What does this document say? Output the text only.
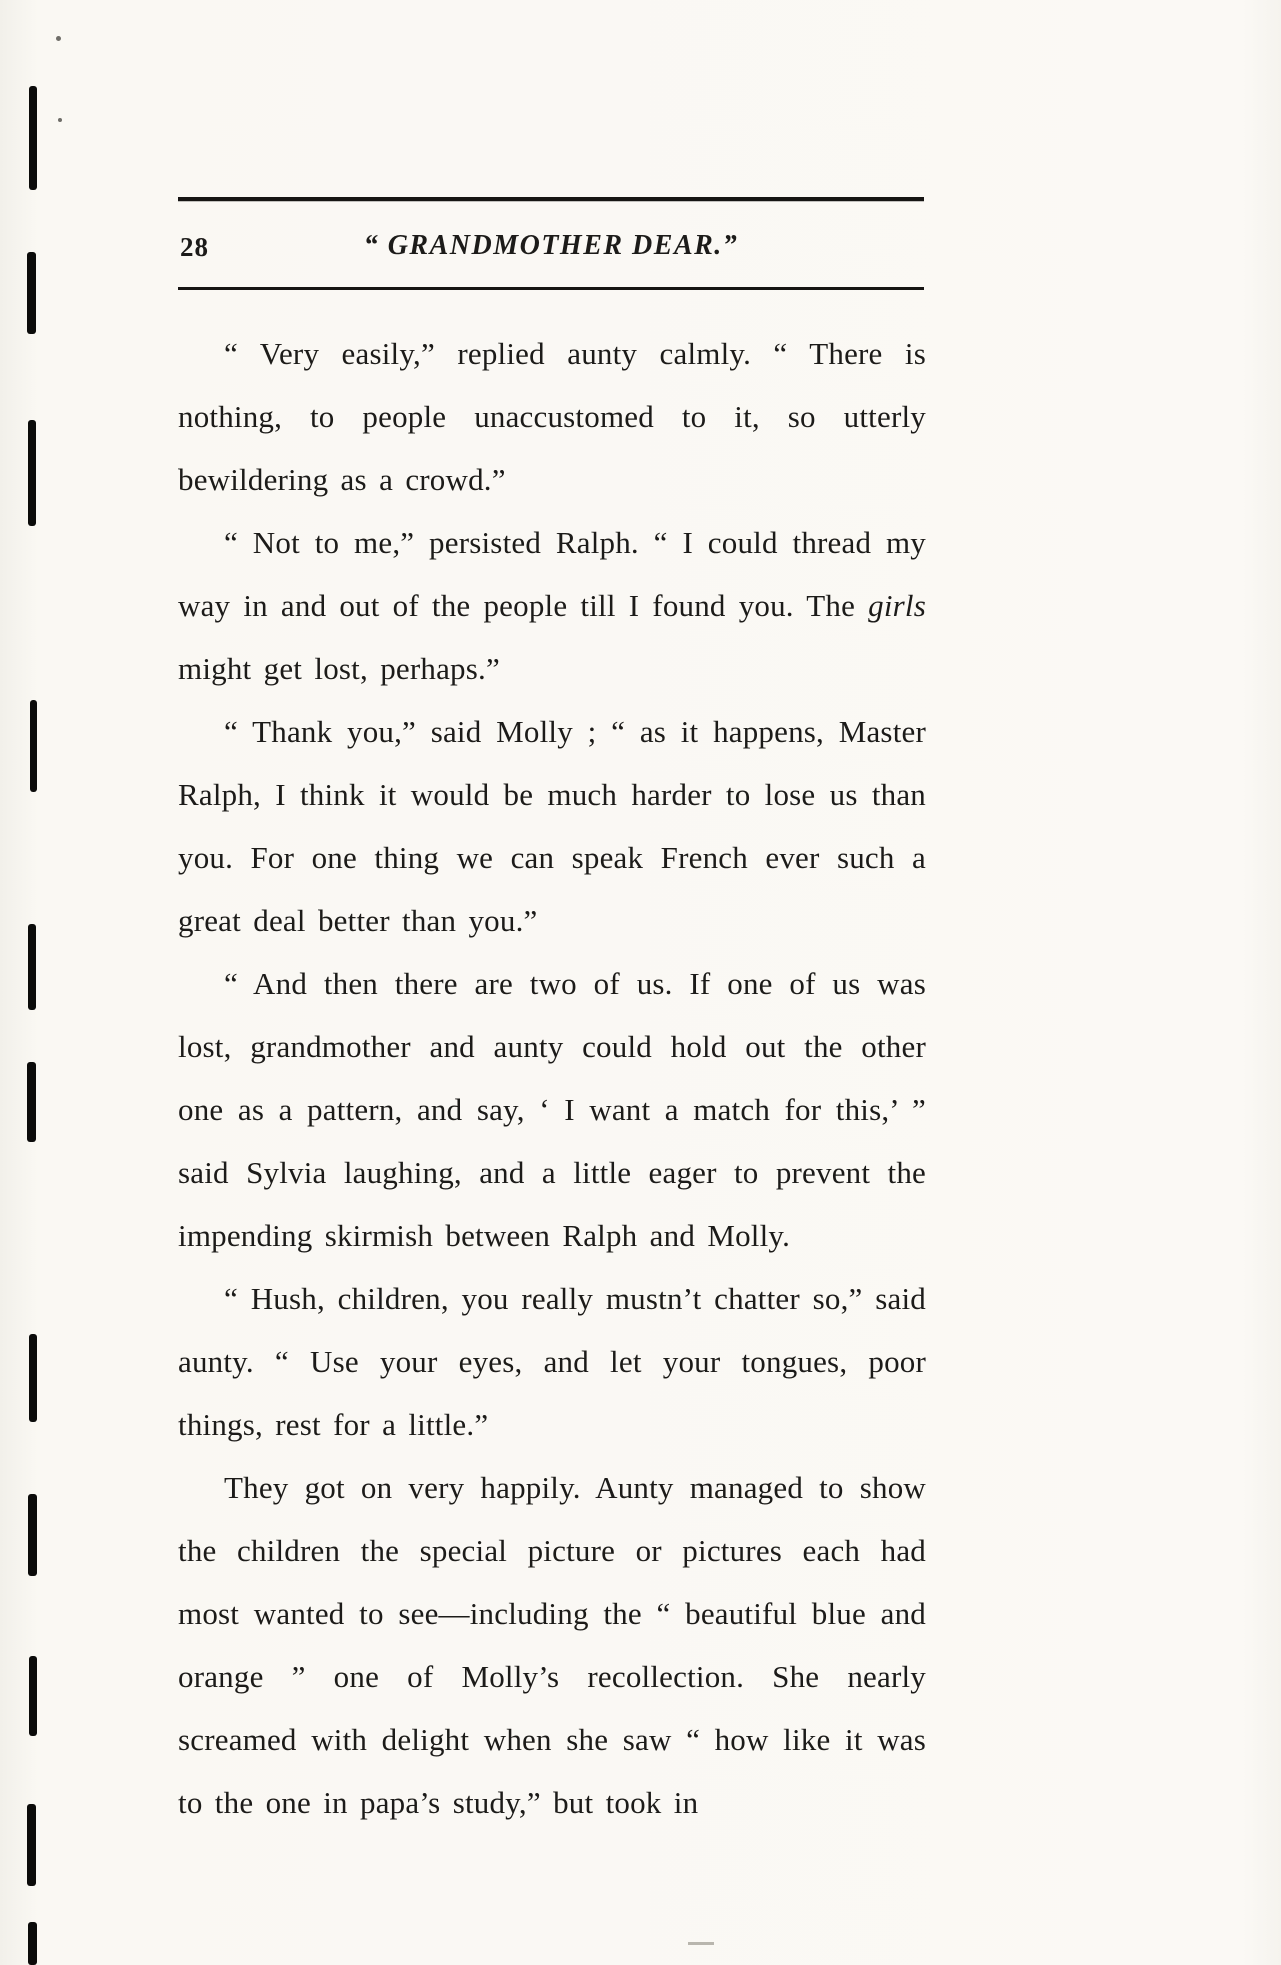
28	“ GRANDMOTHER DEAR.”

“ Very easily,” replied aunty calmly. “ There is nothing, to people unaccustomed to it, so utterly bewildering as a crowd.”

“ Not to me,” persisted Ralph. “ I could thread my way in and out of the people till I found you. The girls might get lost, perhaps.”

“ Thank you,” said Molly ; “ as it happens, Master Ralph, I think it would be much harder to lose us than you. For one thing we can speak French ever such a great deal better than you.”

“ And then there are two of us. If one of us was lost, grandmother and aunty could hold out the other one as a pattern, and say, ‘ I want a match for this,’ ” said Sylvia laughing, and a little eager to prevent the impending skirmish between Ralph and Molly.

“ Hush, children, you really mustn’t chatter so,” said aunty. “ Use your eyes, and let your tongues, poor things, rest for a little.”

They got on very happily. Aunty managed to show the children the special picture or pictures each had most wanted to see—including the “ beautiful blue and orange ” one of Molly’s recollection. She nearly screamed with delight when she saw “ how like it was to the one in papa’s study,” but took in
